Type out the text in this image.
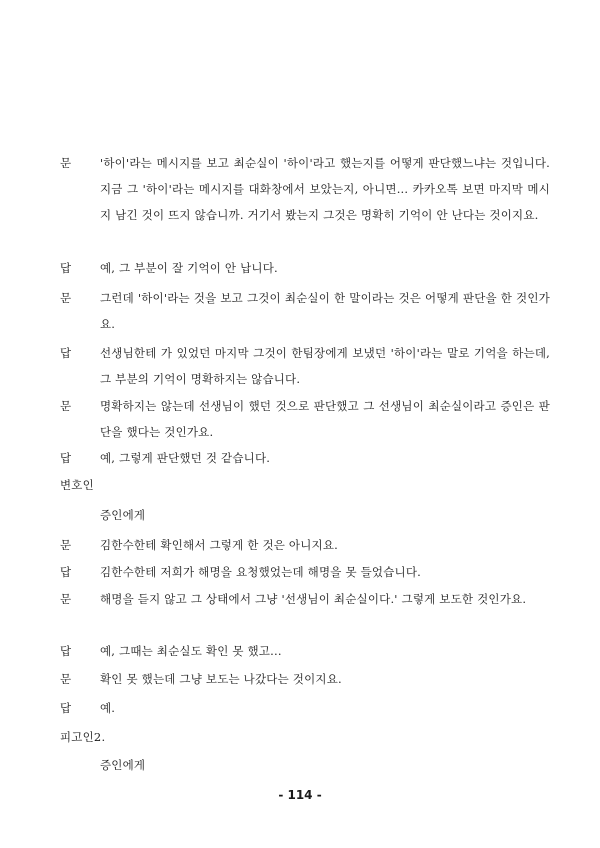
문	'하이'라는 메시지를 보고 최순실이 '하이'라고 했는지를 어떻게 판단했느냐는 것입니다. 지금 그 '하이'라는 메시지를 대화창에서 보았는지, 아니면... 카카오톡 보면 마지막 메시지 남긴 것이 뜨지 않습니까. 거기서 봤는지 그것은 명확히 기억이 안 난다는 것이지요.
답	예, 그 부분이 잘 기억이 안 납니다.
문	그런데 '하이'라는 것을 보고 그것이 최순실이 한 말이라는 것은 어떻게 판단을 한 것인가요.
답	선생님한테 가 있었던 마지막 그것이 한팀장에게 보냈던 '하이'라는 말로 기억을 하는데, 그 부분의 기억이 명확하지는 않습니다.
문	명확하지는 않는데 선생님이 했던 것으로 판단했고 그 선생님이 최순실이라고 증인은 판단을 했다는 것인가요.
답	예, 그렇게 판단했던 것 같습니다.
변호인
증인에게
문	김한수한테 확인해서 그렇게 한 것은 아니지요.
답	김한수한테 저희가 해명을 요청했었는데 해명을 못 들었습니다.
문	해명을 듣지 않고 그 상태에서 그냥 '선생님이 최순실이다.' 그렇게 보도한 것인가요.
답	예, 그때는 최순실도 확인 못 했고...
문	확인 못 했는데 그냥 보도는 나갔다는 것이지요.
답	예.
피고인2.
증인에게
- 114 -
